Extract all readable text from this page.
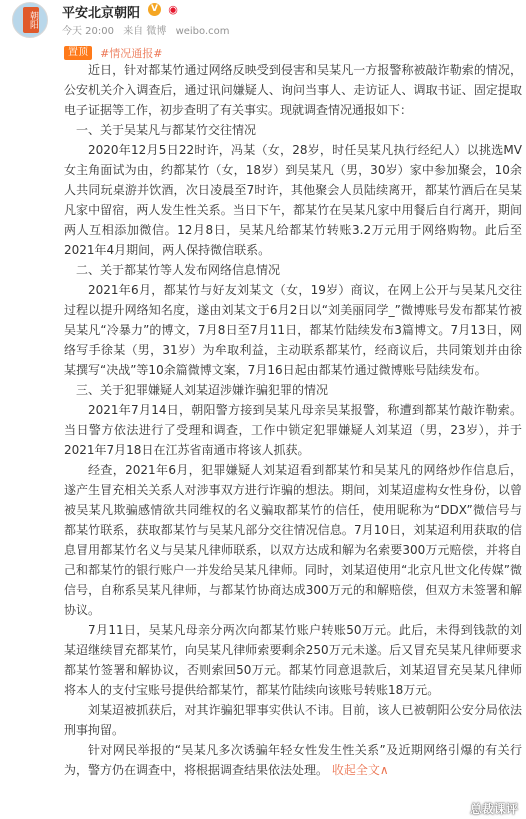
朝阳 平安北京朝阳	V ◉
今天 20:00 来自 微博 weibo.com
置顶 #情况通报#

近日，针对都某竹通过网络反映受到侵害和吴某凡一方报警称被敲诈勒索的情况，公安机关介入调查后，通过讯问嫌疑人、询问当事人、走访证人、调取书证、固定提取电子证据等工作，初步查明了有关事实。现就调查情况通报如下：

一、关于吴某凡与都某竹交往情况

2020年12月5日22时许，冯某（女，28岁，时任吴某凡执行经纪人）以挑选MV女主角面试为由，约都某竹（女，18岁）到吴某凡（男，30岁）家中参加聚会，10余人共同玩桌游并饮酒，次日凌晨至7时许，其他聚会人员陆续离开，都某竹酒后在吴某凡家中留宿，两人发生性关系。当日下午，都某竹在吴某凡家中用餐后自行离开，期间两人互相添加微信。12月8日，吴某凡给都某竹转账3.2万元用于网络购物。此后至2021年4月期间，两人保持微信联系。

二、关于都某竹等人发布网络信息情况

2021年6月，都某竹与好友刘某文（女，19岁）商议，在网上公开与吴某凡交往过程以提升网络知名度，遂由刘某文于6月2日以“刘美丽同学_”微博账号发布都某竹被吴某凡“冷暴力”的博文，7月8日至7月11日，都某竹陆续发布3篇博文。7月13日，网络写手徐某（男，31岁）为牟取利益，主动联系都某竹，经商议后，共同策划并由徐某撰写“决战”等10余篇微博文案，7月16日起由都某竹通过微博账号陆续发布。

三、关于犯罪嫌疑人刘某迢涉嫌诈骗犯罪的情况

2021年7月14日，朝阳警方接到吴某凡母亲吴某报警，称遭到都某竹敲诈勒索。当日警方依法进行了受理和调查，工作中锁定犯罪嫌疑人刘某迢（男，23岁），并于2021年7月18日在江苏省南通市将该人抓获。

经查，2021年6月，犯罪嫌疑人刘某迢看到都某竹和吴某凡的网络炒作信息后，遂产生冒充相关关系人对涉事双方进行诈骗的想法。期间，刘某迢虚构女性身份，以曾被吴某凡欺骗感情欲共同维权的名义骗取都某竹的信任，使用昵称为“DDX”微信号与都某竹联系，获取都某竹与吴某凡部分交往情况信息。7月10日，刘某迢利用获取的信息冒用都某竹名义与吴某凡律师联系，以双方达成和解为名索要300万元赔偿，并将自己和都某竹的银行账户一并发给吴某凡律师。同时，刘某迢使用“北京凡世文化传媒”微信号，自称系吴某凡律师，与都某竹协商达成300万元的和解赔偿，但双方未签署和解协议。

7月11日，吴某凡母亲分两次向都某竹账户转账50万元。此后，未得到钱款的刘某迢继续冒充都某竹，向吴某凡律师索要剩余250万元未遂。后又冒充吴某凡律师要求都某竹签署和解协议，否则索回50万元。都某竹同意退款后，刘某迢冒充吴某凡律师将本人的支付宝账号提供给都某竹，都某竹陆续向该账号转账18万元。

刘某迢被抓获后，对其诈骗犯罪事实供认不讳。目前，该人已被朝阳公安分局依法刑事拘留。

针对网民举报的“吴某凡多次诱骗年轻女性发生性关系”及近期网络引爆的有关行为，警方仍在调查中，将根据调查结果依法处理。 收起全文∧

总裁课评
